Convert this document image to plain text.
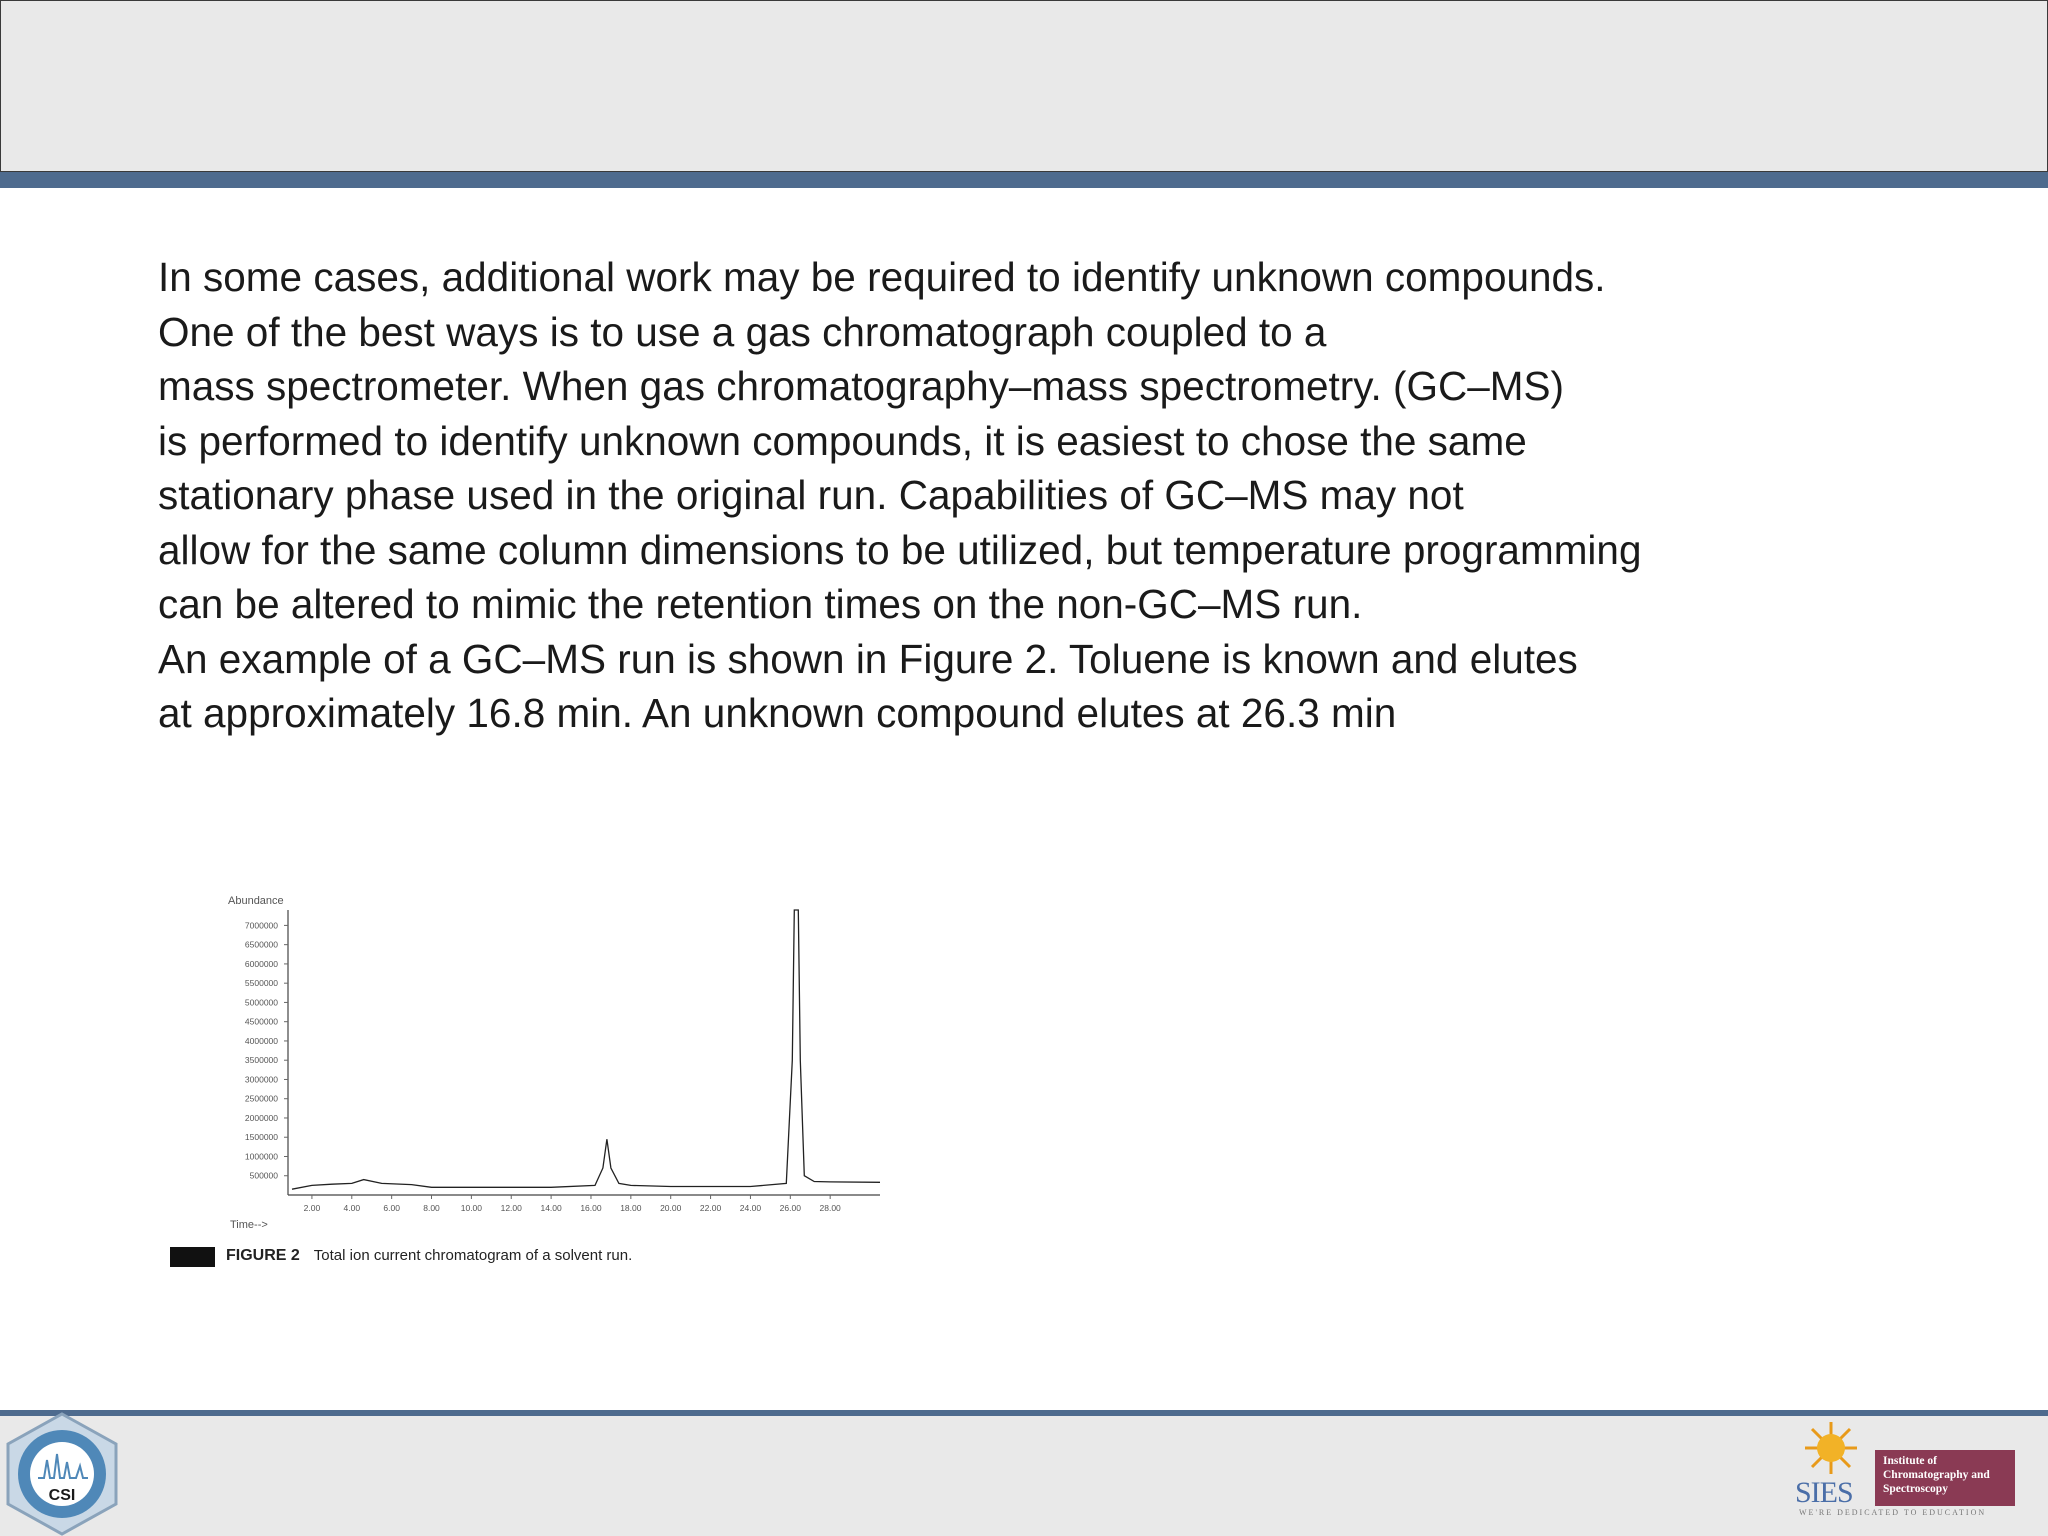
In some cases, additional work may be required to identify unknown compounds.
One of the best ways is to use a gas chromatograph coupled to a
mass spectrometer. When gas chromatography–mass spectrometry. (GC–MS)
is performed to identify unknown compounds, it is easiest to chose the same
stationary phase used in the original run. Capabilities of GC–MS may not
allow for the same column dimensions to be utilized, but temperature programming
can be altered to mimic the retention times on the non-GC–MS run.
An example of a GC–MS run is shown in Figure 2. Toluene is known and elutes
at approximately 16.8 min. An unknown compound elutes at 26.3 min

Abundance
Time-->
500000
1000000
1500000
2000000
2500000
3000000
3500000
4000000
4500000
5000000
5500000
6000000
6500000
7000000
2.00	4.00	6.00	8.00 10.00 12.00 14.00 16.00 18.00 20.00 22.00 24.00 26.00 28.00
FIGURE 2 Total ion current chromatogram of a solvent run.
CSI	SIES
Institute of Chromatography and Spectroscopy
WE'RE DEDICATED TO EDUCATION
